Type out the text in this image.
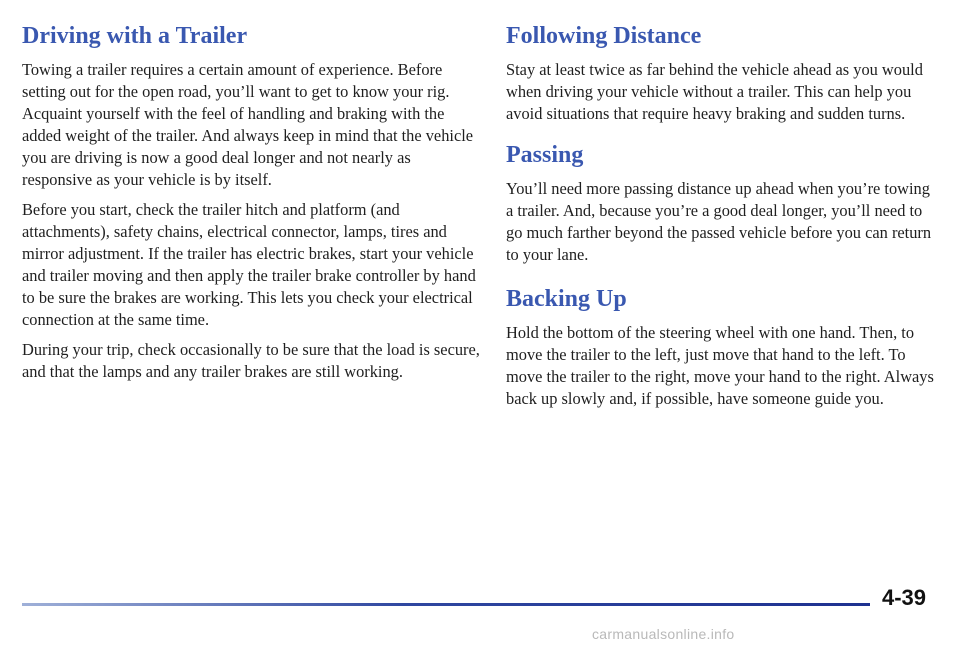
Driving with a Trailer

Towing a trailer requires a certain amount of experience. Before setting out for the open road, you’ll want to get to know your rig. Acquaint yourself with the feel of handling and braking with the added weight of the trailer. And always keep in mind that the vehicle you are driving is now a good deal longer and not nearly as responsive as your vehicle is by itself.

Before you start, check the trailer hitch and platform (and attachments), safety chains, electrical connector, lamps, tires and mirror adjustment. If the trailer has electric brakes, start your vehicle and trailer moving and then apply the trailer brake controller by hand to be sure the brakes are working. This lets you check your electrical connection at the same time.

During your trip, check occasionally to be sure that the load is secure, and that the lamps and any trailer brakes are still working.

Following Distance

Stay at least twice as far behind the vehicle ahead as you would when driving your vehicle without a trailer. This can help you avoid situations that require heavy braking and sudden turns.

Passing

You’ll need more passing distance up ahead when you’re towing a trailer. And, because you’re a good deal longer, you’ll need to go much farther beyond the passed vehicle before you can return to your lane.

Backing Up

Hold the bottom of the steering wheel with one hand. Then, to move the trailer to the left, just move that hand to the left. To move the trailer to the right, move your hand to the right. Always back up slowly and, if possible, have someone guide you.

4-39
carmanualsonline.info
